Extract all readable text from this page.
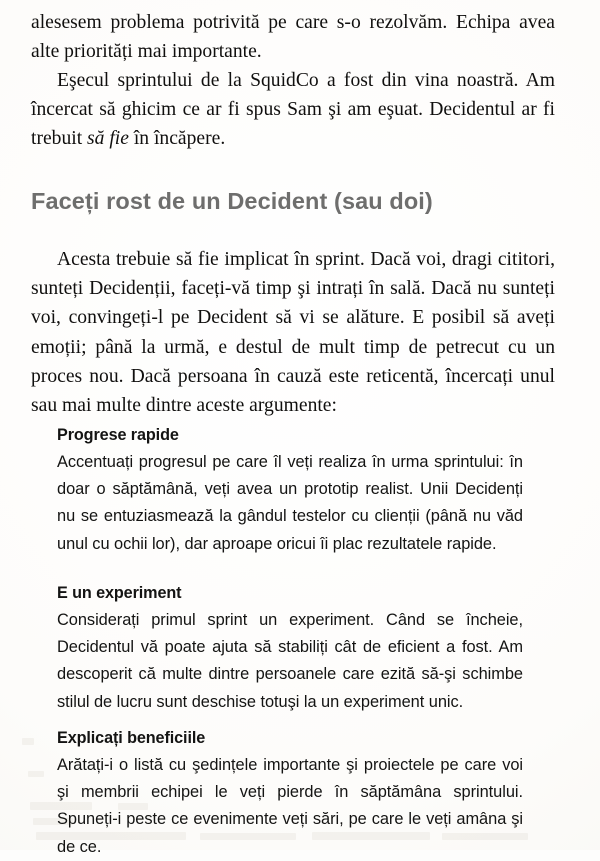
alesesem problema potrivită pe care s-o rezolvăm. Echipa avea alte priorități mai importante.
Eşecul sprintului de la SquidCo a fost din vina noastră. Am încercat să ghicim ce ar fi spus Sam şi am eşuat. Decidentul ar fi trebuit să fie în încăpere.
Faceți rost de un Decident (sau doi)
Acesta trebuie să fie implicat în sprint. Dacă voi, dragi cititori, sunteți Decidenții, faceți-vă timp şi intrați în sală. Dacă nu sunteți voi, convingeți-l pe Decident să vi se alăture. E posibil să aveți emoții; până la urmă, e destul de mult timp de petrecut cu un proces nou. Dacă persoana în cauză este reticentă, încercați unul sau mai multe dintre aceste argumente:

Progrese rapide

Accentuați progresul pe care îl veți realiza în urma sprintului: în doar o săptămână, veți avea un prototip realist. Unii Decidenți nu se entuziasmează la gândul testelor cu clienții (până nu văd unul cu ochii lor), dar aproape oricui îi plac rezultatele rapide.

E un experiment

Considerați primul sprint un experiment. Când se încheie, Decidentul vă poate ajuta să stabiliți cât de eficient a fost. Am descoperit că multe dintre persoanele care ezită să-şi schimbe stilul de lucru sunt deschise totuşi la un experiment unic.

Explicați beneficiile

Arătați-i o listă cu şedințele importante şi proiectele pe care voi şi membrii echipei le veți pierde în săptămâna sprintului. Spuneți-i peste ce evenimente veți sări, pe care le veți amâna şi de ce.
